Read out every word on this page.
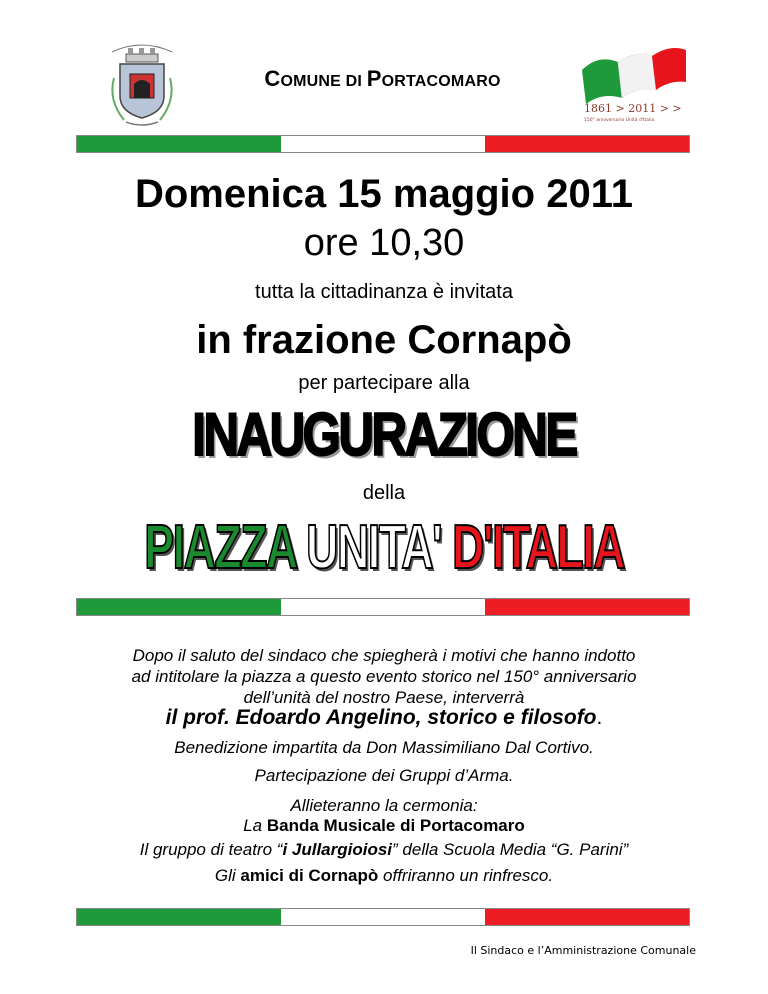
COMUNE DI PORTACOMARO
1861 > 2011 > >
150° anniversario Unità d'Italia
Domenica 15 maggio 2011
ore 10,30
tutta la cittadinanza è invitata
in frazione Cornapò
per partecipare alla
INAUGURAZIONE
della
PIAZZA UNITA' D'ITALIA
Dopo il saluto del sindaco che spiegherà i motivi che hanno indotto
ad intitolare la piazza a questo evento storico nel 150° anniversario
dell’unità del nostro Paese, interverrà
il prof. Edoardo Angelino, storico e filosofo.
Benedizione impartita da Don Massimiliano Dal Cortivo.
Partecipazione dei Gruppi d’Arma.
Allieteranno la cermonia:
La Banda Musicale di Portacomaro
Il gruppo di teatro “i Jullargioiosi” della Scuola Media “G. Parini”
Gli amici di Cornapò offriranno un rinfresco.
Il Sindaco e l’Amministrazione Comunale
